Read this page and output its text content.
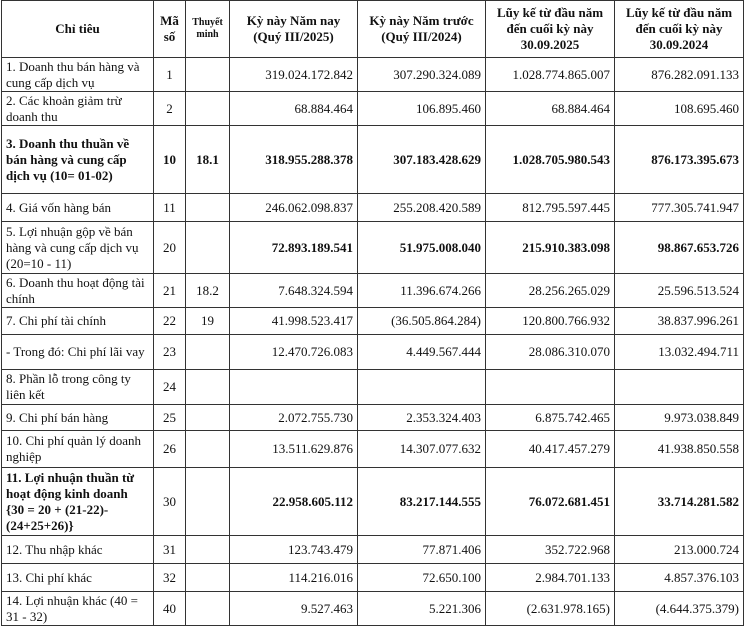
Chỉ tiêu	Mã số	Thuyết minh	Kỳ này Năm nay (Quý III/2025)	Kỳ này Năm trước (Quý III/2024)	Lũy kế từ đầu năm đến cuối kỳ này 30.09.2025	Lũy kế từ đầu năm đến cuối kỳ này 30.09.2024
1. Doanh thu bán hàng và cung cấp dịch vụ	1		319.024.172.842	307.290.324.089	1.028.774.865.007	876.282.091.133
2. Các khoản giảm trừ doanh thu	2		68.884.464	106.895.460	68.884.464	108.695.460
3. Doanh thu thuần về bán hàng và cung cấp dịch vụ (10= 01-02)	10	18.1	318.955.288.378	307.183.428.629	1.028.705.980.543	876.173.395.673
4. Giá vốn hàng bán	11		246.062.098.837	255.208.420.589	812.795.597.445	777.305.741.947
5. Lợi nhuận gộp về bán hàng và cung cấp dịch vụ (20=10 - 11)	20		72.893.189.541	51.975.008.040	215.910.383.098	98.867.653.726
6. Doanh thu hoạt động tài chính	21	18.2	7.648.324.594	11.396.674.266	28.256.265.029	25.596.513.524
7. Chi phí tài chính	22	19	41.998.523.417	(36.505.864.284)	120.800.766.932	38.837.996.261
- Trong đó: Chi phí lãi vay	23		12.470.726.083	4.449.567.444	28.086.310.070	13.032.494.711
8. Phần lỗ trong công ty liên kết	24					
9. Chi phí bán hàng	25		2.072.755.730	2.353.324.403	6.875.742.465	9.973.038.849
10. Chi phí quản lý doanh nghiệp	26		13.511.629.876	14.307.077.632	40.417.457.279	41.938.850.558
11. Lợi nhuận thuần từ hoạt động kinh doanh {30 = 20 + (21-22)-(24+25+26)}	30		22.958.605.112	83.217.144.555	76.072.681.451	33.714.281.582
12. Thu nhập khác	31		123.743.479	77.871.406	352.722.968	213.000.724
13. Chi phí khác	32		114.216.016	72.650.100	2.984.701.133	4.857.376.103
14. Lợi nhuận khác (40 = 31 - 32)	40		9.527.463	5.221.306	(2.631.978.165)	(4.644.375.379)
